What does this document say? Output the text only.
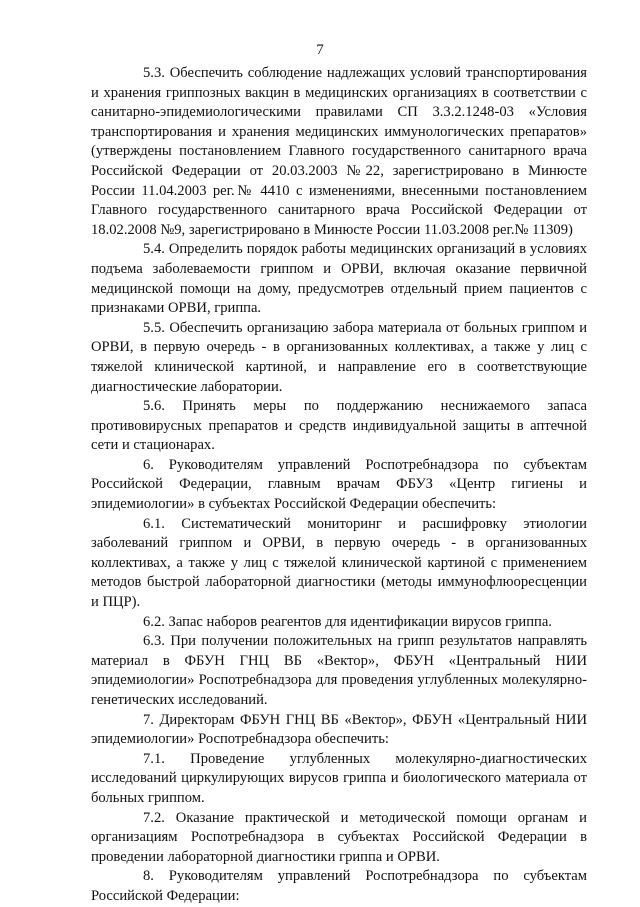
7

5.3. Обеспечить соблюдение надлежащих условий транспортирования и хранения гриппозных вакцин в медицинских организациях в соответствии с санитарно-эпидемиологическими правилами СП 3.3.2.1248-03 «Условия транспортирования и хранения медицинских иммунологических препаратов» (утверждены постановлением Главного государственного санитарного врача Российской Федерации от 20.03.2003 №22, зарегистрировано в Минюсте России 11.04.2003 рег.№ 4410 с изменениями, внесенными постановлением Главного государственного санитарного врача Российской Федерации от 18.02.2008 №9, зарегистрировано в Минюсте России 11.03.2008 рег.№ 11309)

5.4. Определить порядок работы медицинских организаций в условиях подъема заболеваемости гриппом и ОРВИ, включая оказание первичной медицинской помощи на дому, предусмотрев отдельный прием пациентов с признаками ОРВИ, гриппа.

5.5. Обеспечить организацию забора материала от больных гриппом и ОРВИ, в первую очередь - в организованных коллективах, а также у лиц с тяжелой клинической картиной, и направление его в соответствующие диагностические лаборатории.

5.6. Принять меры по поддержанию неснижаемого запаса противовирусных препаратов и средств индивидуальной защиты в аптечной сети и стационарах.

6. Руководителям управлений Роспотребнадзора по субъектам Российской Федерации, главным врачам ФБУЗ «Центр гигиены и эпидемиологии» в субъектах Российской Федерации обеспечить:

6.1. Систематический мониторинг и расшифровку этиологии заболеваний гриппом и ОРВИ, в первую очередь - в организованных коллективах, а также у лиц с тяжелой клинической картиной с применением методов быстрой лабораторной диагностики (методы иммунофлюоресценции и ПЦР).

6.2. Запас наборов реагентов для идентификации вирусов гриппа.

6.3. При получении положительных на грипп результатов направлять материал в ФБУН ГНЦ ВБ «Вектор», ФБУН «Центральный НИИ эпидемиологии» Роспотребнадзора для проведения углубленных молекулярно-генетических исследований.

7. Директорам ФБУН ГНЦ ВБ «Вектор», ФБУН «Центральный НИИ эпидемиологии» Роспотребнадзора обеспечить:

7.1. Проведение углубленных молекулярно-диагностических исследований циркулирующих вирусов гриппа и биологического материала от больных гриппом.

7.2. Оказание практической и методической помощи органам и организациям Роспотребнадзора в субъектах Российской Федерации в проведении лабораторной диагностики гриппа и ОРВИ.

8. Руководителям управлений Роспотребнадзора по субъектам Российской Федерации:
